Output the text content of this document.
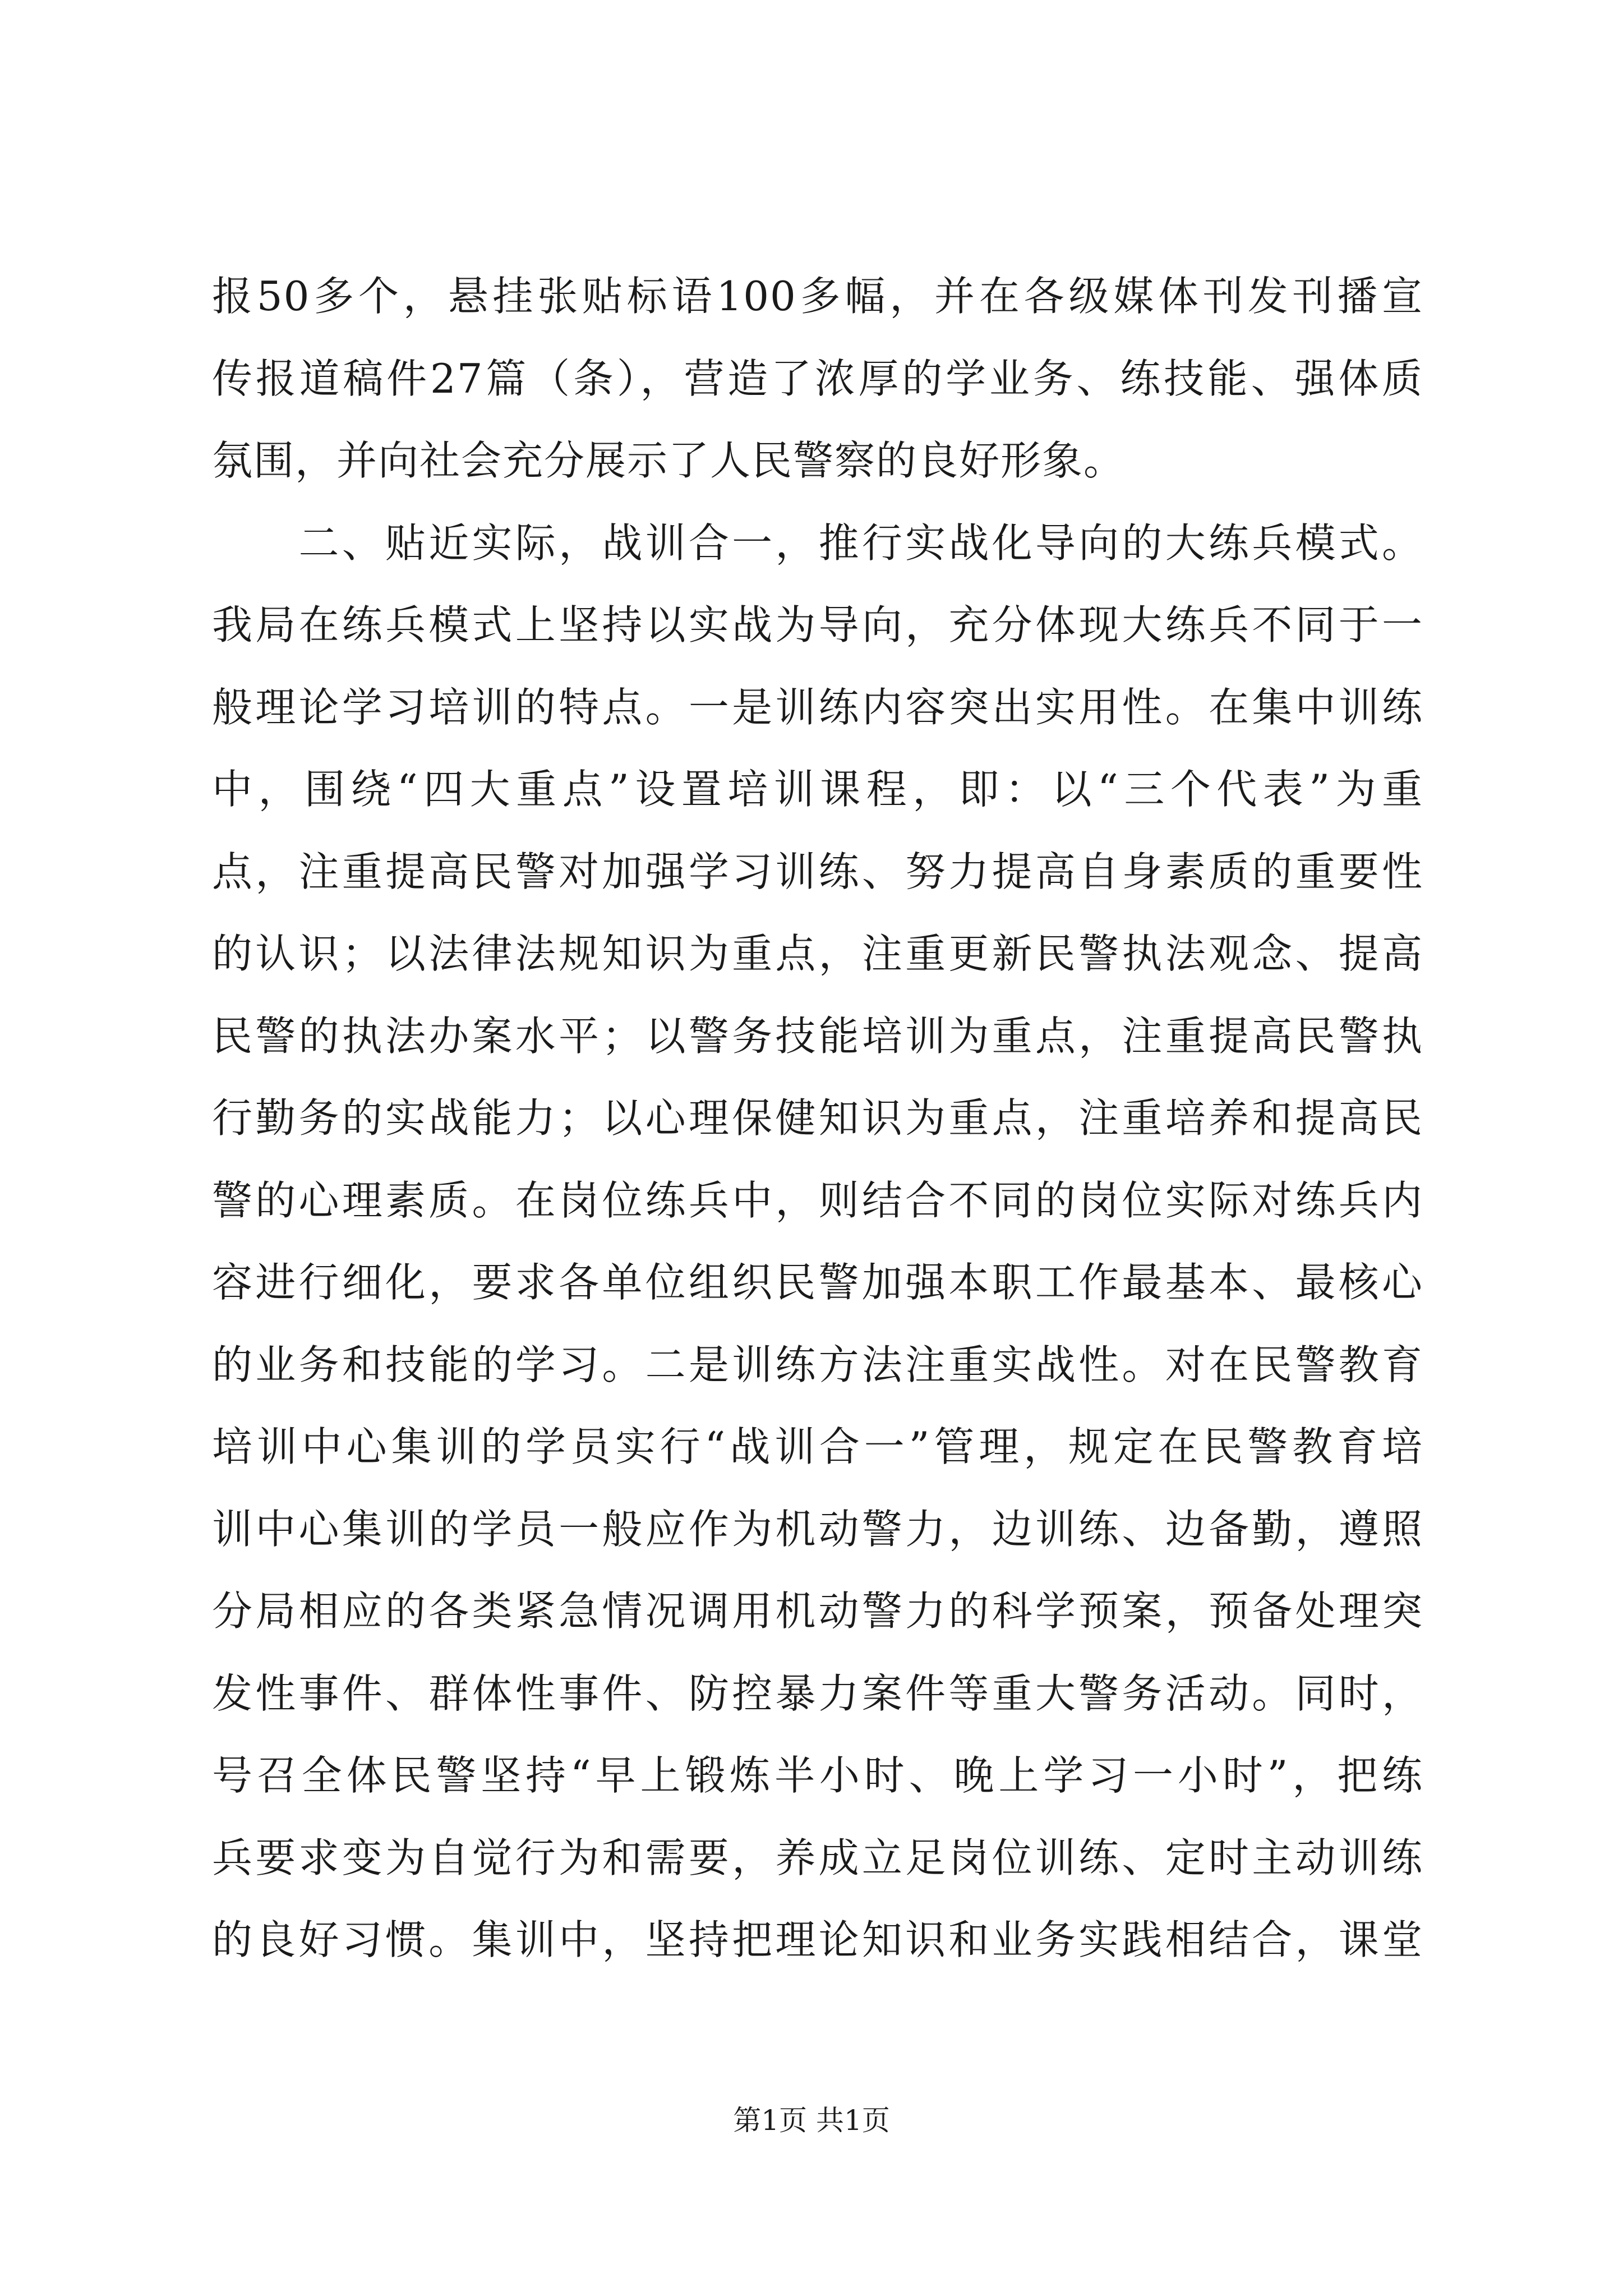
报50多个，悬挂张贴标语100多幅，并在各级媒体刊发刊播宣
传报道稿件27篇（条），营造了浓厚的学业务、练技能、强体质
氛围，并向社会充分展示了人民警察的良好形象。
　　二、贴近实际，战训合一，推行实战化导向的大练兵模式。
我局在练兵模式上坚持以实战为导向，充分体现大练兵不同于一
般理论学习培训的特点。一是训练内容突出实用性。在集中训练
中，围绕“四大重点”设置培训课程，即：以“三个代表”为重
点，注重提高民警对加强学习训练、努力提高自身素质的重要性
的认识；以法律法规知识为重点，注重更新民警执法观念、提高
民警的执法办案水平；以警务技能培训为重点，注重提高民警执
行勤务的实战能力；以心理保健知识为重点，注重培养和提高民
警的心理素质。在岗位练兵中，则结合不同的岗位实际对练兵内
容进行细化，要求各单位组织民警加强本职工作最基本、最核心
的业务和技能的学习。二是训练方法注重实战性。对在民警教育
培训中心集训的学员实行“战训合一”管理，规定在民警教育培
训中心集训的学员一般应作为机动警力，边训练、边备勤，遵照
分局相应的各类紧急情况调用机动警力的科学预案，预备处理突
发性事件、群体性事件、防控暴力案件等重大警务活动。同时，
号召全体民警坚持“早上锻炼半小时、晚上学习一小时”，把练
兵要求变为自觉行为和需要，养成立足岗位训练、定时主动训练
的良好习惯。集训中，坚持把理论知识和业务实践相结合，课堂
第1页 共1页
